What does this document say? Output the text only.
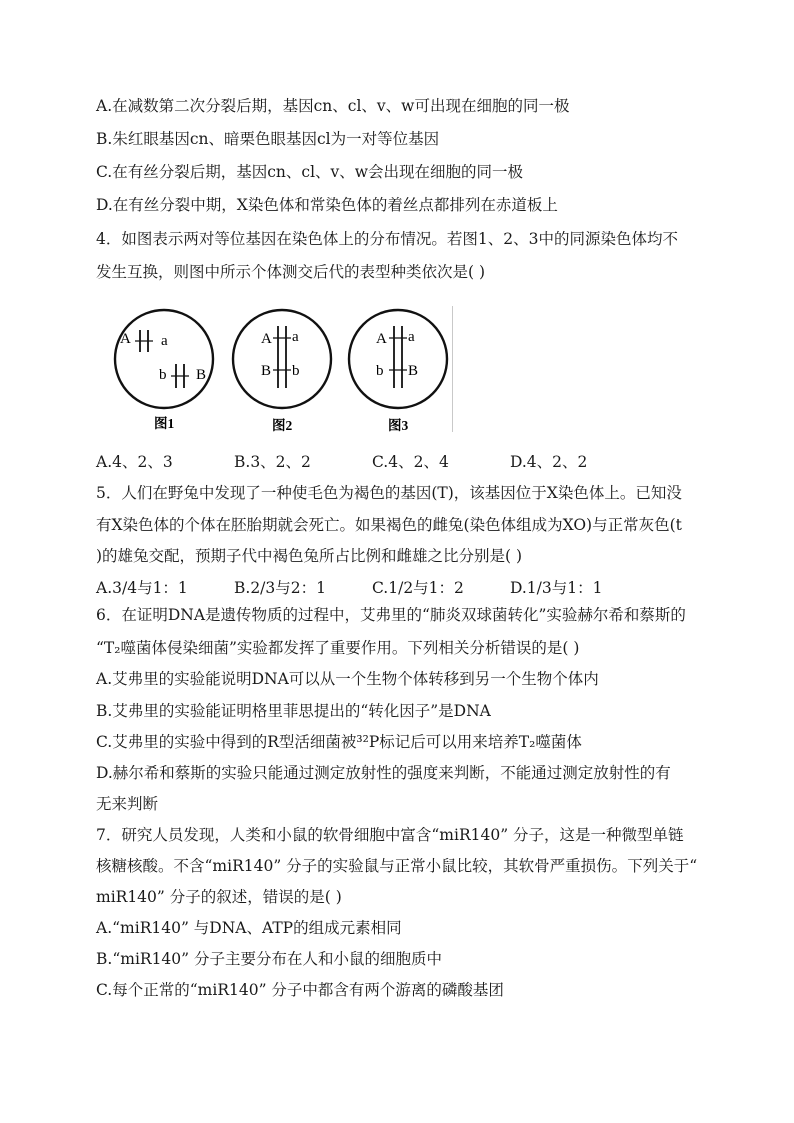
A.在减数第二次分裂后期，基因cn、cl、v、w可出现在细胞的同一极
B.朱红眼基因cn、暗栗色眼基因cl为一对等位基因
C.在有丝分裂后期，基因cn、cl、v、w会出现在细胞的同一极
D.在有丝分裂中期，X染色体和常染色体的着丝点都排列在赤道板上
4．如图表示两对等位基因在染色体上的分布情况。若图1、2、3中的同源染色体均不
发生互换，则图中所示个体测交后代的表型种类依次是( )
A a
b B
图1
A a
B b
图2
A a
b B
图3
A.4、2、3	B.3、2、2	C.4、2、4	D.4、2、2
5．人们在野兔中发现了一种使毛色为褐色的基因(T)，该基因位于X染色体上。已知没
有X染色体的个体在胚胎期就会死亡。如果褐色的雌兔(染色体组成为XO)与正常灰色(t
)的雄兔交配，预期子代中褐色兔所占比例和雌雄之比分别是( )
A.3/4与1：1	B.2/3与2：1	C.1/2与1：2	D.1/3与1：1
6．在证明DNA是遗传物质的过程中，艾弗里的“肺炎双球菌转化”实验赫尔希和蔡斯的
“T₂噬菌体侵染细菌”实验都发挥了重要作用。下列相关分析错误的是( )
A.艾弗里的实验能说明DNA可以从一个生物个体转移到另一个生物个体内
B.艾弗里的实验能证明格里菲思提出的“转化因子”是DNA
C.艾弗里的实验中得到的R型活细菌被³²P标记后可以用来培养T₂噬菌体
D.赫尔希和蔡斯的实验只能通过测定放射性的强度来判断，不能通过测定放射性的有
无来判断
7．研究人员发现，人类和小鼠的软骨细胞中富含“miR140” 分子，这是一种微型单链
核糖核酸。不含“miR140” 分子的实验鼠与正常小鼠比较，其软骨严重损伤。下列关于“
miR140” 分子的叙述，错误的是( )
A.“miR140” 与DNA、ATP的组成元素相同
B.“miR140” 分子主要分布在人和小鼠的细胞质中
C.每个正常的“miR140” 分子中都含有两个游离的磷酸基团
